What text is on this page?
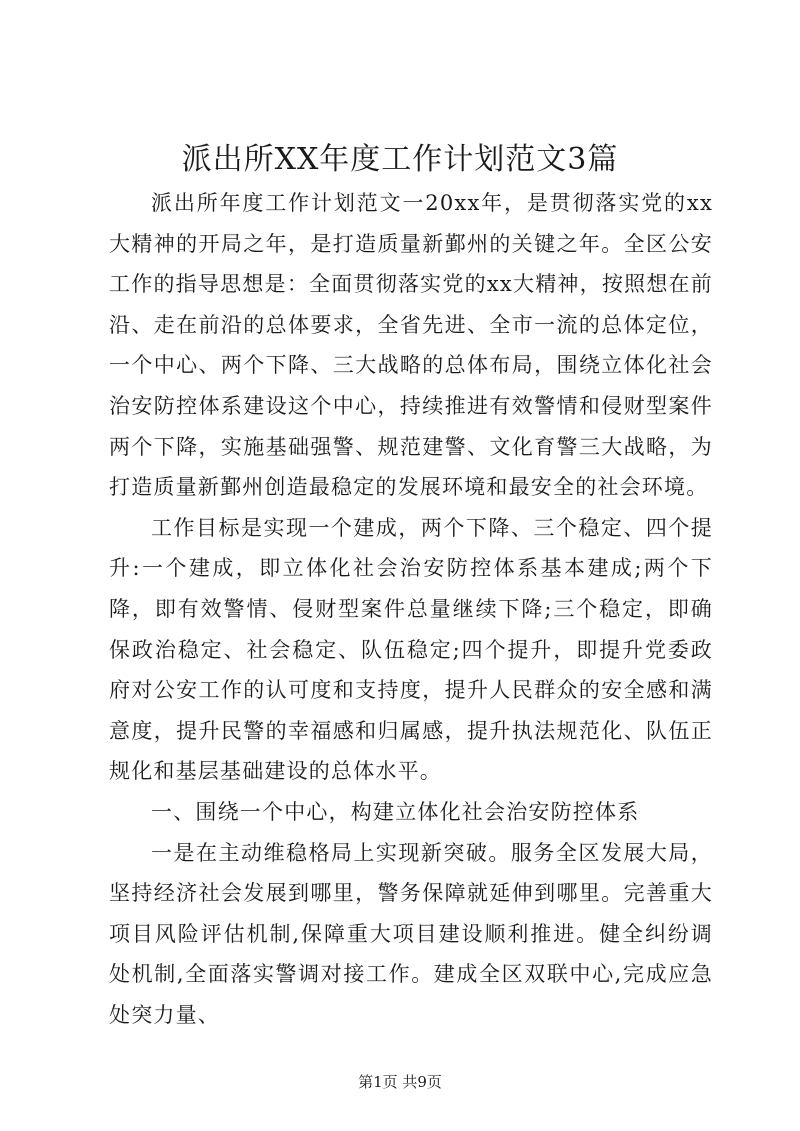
派出所XX年度工作计划范文3篇

派出所年度工作计划范文一20xx年，是贯彻落实党的xx大精神的开局之年，是打造质量新鄞州的关键之年。全区公安工作的指导思想是：全面贯彻落实党的xx大精神，按照想在前沿、走在前沿的总体要求，全省先进、全市一流的总体定位，一个中心、两个下降、三大战略的总体布局，围绕立体化社会治安防控体系建设这个中心，持续推进有效警情和侵财型案件两个下降，实施基础强警、规范建警、文化育警三大战略，为打造质量新鄞州创造最稳定的发展环境和最安全的社会环境。

工作目标是实现一个建成，两个下降、三个稳定、四个提升:一个建成，即立体化社会治安防控体系基本建成;两个下降，即有效警情、侵财型案件总量继续下降;三个稳定，即确保政治稳定、社会稳定、队伍稳定;四个提升，即提升党委政府对公安工作的认可度和支持度，提升人民群众的安全感和满意度，提升民警的幸福感和归属感，提升执法规范化、队伍正规化和基层基础建设的总体水平。

一、围绕一个中心，构建立体化社会治安防控体系

一是在主动维稳格局上实现新突破。服务全区发展大局，坚持经济社会发展到哪里，警务保障就延伸到哪里。完善重大项目风险评估机制,保障重大项目建设顺利推进。健全纠纷调处机制,全面落实警调对接工作。建成全区双联中心,完成应急处突力量、

第1页 共9页
